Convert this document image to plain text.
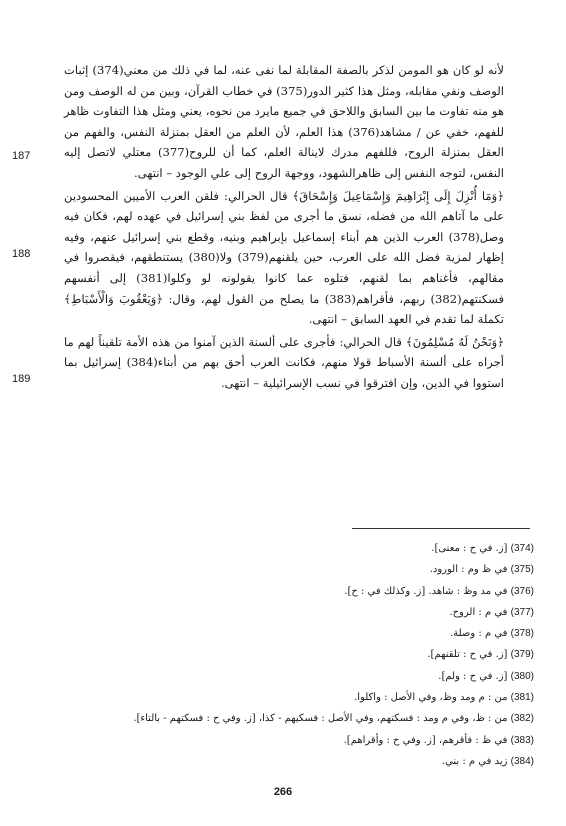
187
188
189

لأنه لو كان هو المومن لذكر بالصفة المقابلة لما نفى عنه، لما في ذلك من معني(374) إثبات الوصف ونفي مقابله، ومثل هذا كثير الدور(375) في خطاب القرآن، وبين من له الوصف ومن هو منه تفاوت ما بين السابق واللاحق في جميع مايرد من نحوه، يعني ومثل هذا التفاوت ظاهر للفهم، خفي عن / مشاهد(376) هذا العلم، لأن العلم من العقل بمنزلة النفس، والفهم من العقل بمنزلة الروح، فللفهم مدرك لاينالة العلم، كما أن للروح(377) معتلي لاتصل إليه النفس، لتوجه النفس إلى ظاهرالشهود، ووجهة الروح إلى علي الوجود – انتهى.

﴿وَمَا أُنْزِلَ إِلَى إِبْرَاهِيمَ وَإِسْمَاعِيلَ وَإِسْحَاقَ﴾ قال الحرالي: فلقن العرب الأميين المحسودين على ما آتاهم الله من فضله، نسق ما أجرى من لفظ بني إسرائيل في عهده لهم، فكان فيه وصل(378) العرب الذين هم أبناء إسماعيل بإبراهيم وبنيه، وقطع بني إسرائيل عنهم، وفيه إظهار لمزية فضل الله على العرب، حين يلقنهم(379) ولا(380) يستنطقهم، فيقصروا في مقالهم، فأغناهم بما لقنهم، فتلوه عما كانوا يقولونه لو وكلوا(381) إلى أنفسهم فسكنتهم(382) ربهم، فأقراهم(383) ما يصلح من القول لهم، وقال: ﴿وَيَعْقُوبَ وَالْأَسْبَاطِ﴾ تكملة لما تقدم في العهد السابق – انتهى.

﴿وَنَحْنُ لَهُ مُسْلِمُونَ﴾ قال الحرالي: فأجرى على ألسنة الذين آمنوا من هذه الأمة تلقيناً لهم ما أجراه على ألسنة الأسباط قولا منهم، فكانت العرب أحق بهم من أبناء(384) إسرائيل بما استووا في الدين، وإن افترقوا في نسب الإسرائيلية – انتهى.

(374) [ز. في ح : معنى].

(375) في ظ وم : الورود.

(376) في مد وظ : شاهد. [ز. وكذلك في : ح].

(377) في م : الروح.

(378) في م : وصلة.

(379) [ز. في ح : تلقنهم].

(380) [ز. في ح : ولم].

(381) من : م ومد وظ، وفي الأصل : واكلوا.

(382) من : ظ، وفي م ومد : فسكتهم، وفي الأصل : فسكيهم - كذا، [ز. وفي ح : فسكتهم - بالتاء].

(383) في ظ : فأقرهم، [ز. وفي ح : وأقراهم].

(384) زيد في م : بني.

266
